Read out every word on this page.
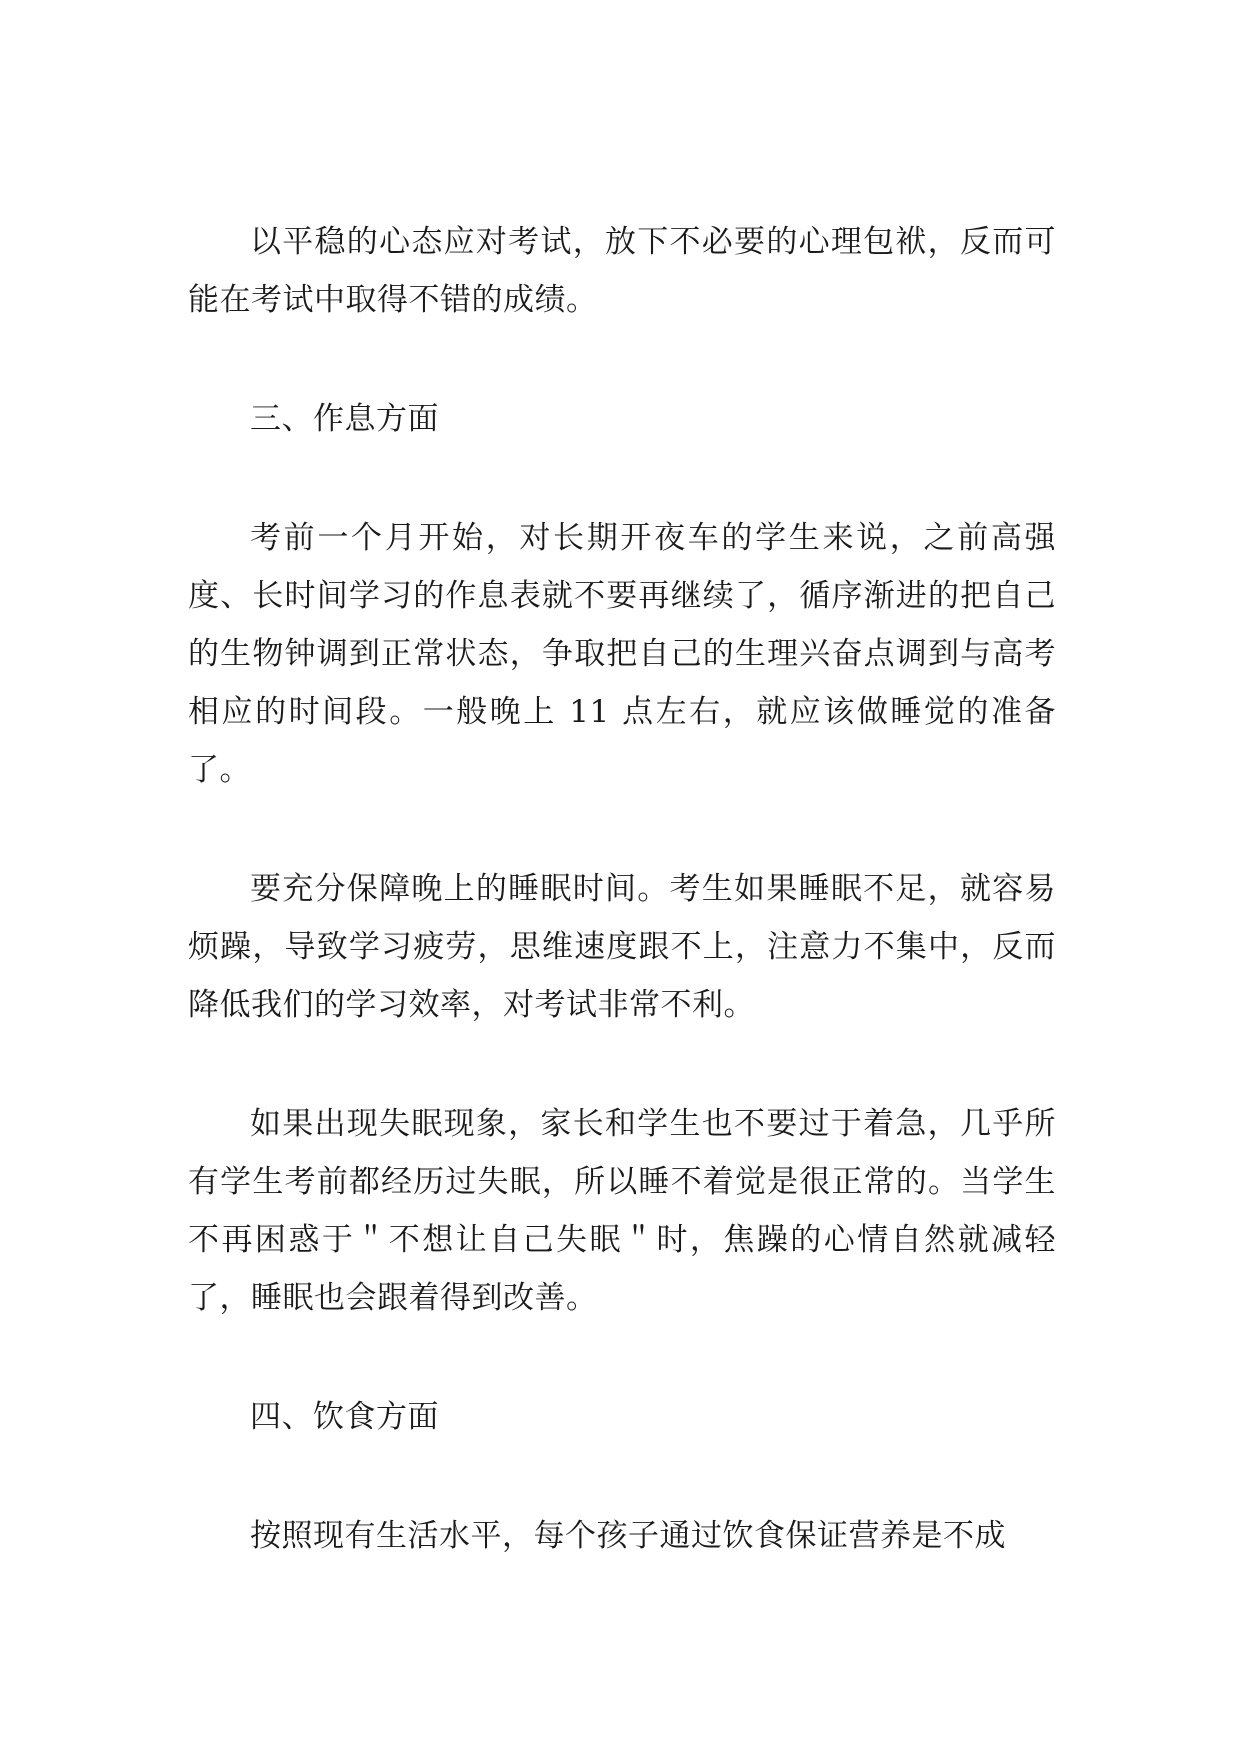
以平稳的心态应对考试，放下不必要的心理包袱，反而可能在考试中取得不错的成绩。

三、作息方面

考前一个月开始，对长期开夜车的学生来说，之前高强度、长时间学习的作息表就不要再继续了，循序渐进的把自己的生物钟调到正常状态，争取把自己的生理兴奋点调到与高考相应的时间段。一般晚上 11 点左右，就应该做睡觉的准备了。

要充分保障晚上的睡眠时间。考生如果睡眠不足，就容易烦躁，导致学习疲劳，思维速度跟不上，注意力不集中，反而降低我们的学习效率，对考试非常不利。

如果出现失眠现象，家长和学生也不要过于着急，几乎所有学生考前都经历过失眠，所以睡不着觉是很正常的。当学生不再困惑于＂不想让自己失眠＂时，焦躁的心情自然就减轻了，睡眠也会跟着得到改善。

四、饮食方面

按照现有生活水平，每个孩子通过饮食保证营养是不成
